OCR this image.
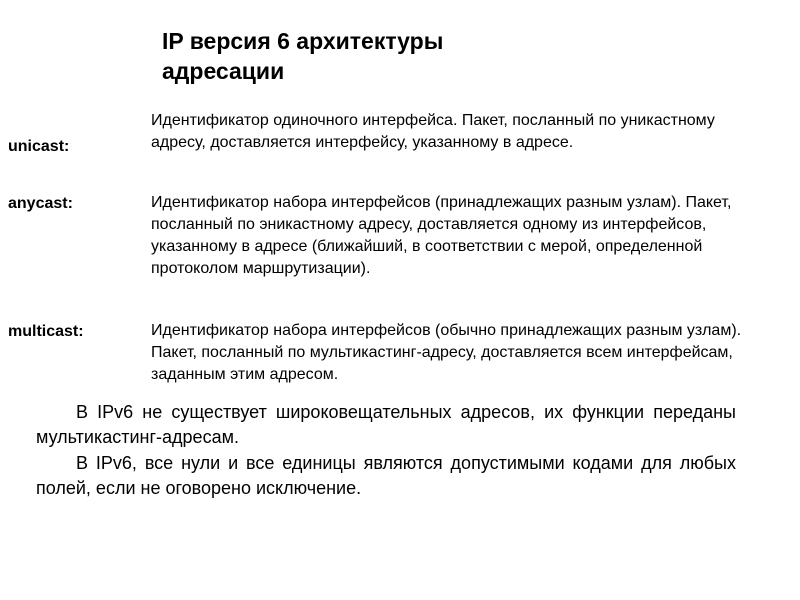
IP версия 6 архитектуры
адресации
unicast:
Идентификатор одиночного интерфейса. Пакет, посланный по уникастному адресу, доставляется интерфейсу, указанному в адресе.
anycast:	Идентификатор набора интерфейсов (принадлежащих разным узлам). Пакет, посланный по эникастному адресу, доставляется одному из интерфейсов, указанному в адресе (ближайший, в соответствии с мерой, определенной протоколом маршрутизации).
multicast:	Идентификатор набора интерфейсов (обычно принадлежащих разным узлам). Пакет, посланный по мультикастинг-адресу, доставляется всем интерфейсам, заданным этим адресом.

В IPv6 не существует широковещательных адресов, их функции переданы мультикастинг-адресам.

В IPv6, все нули и все единицы являются допустимыми кодами для любых полей, если не оговорено исключение.
